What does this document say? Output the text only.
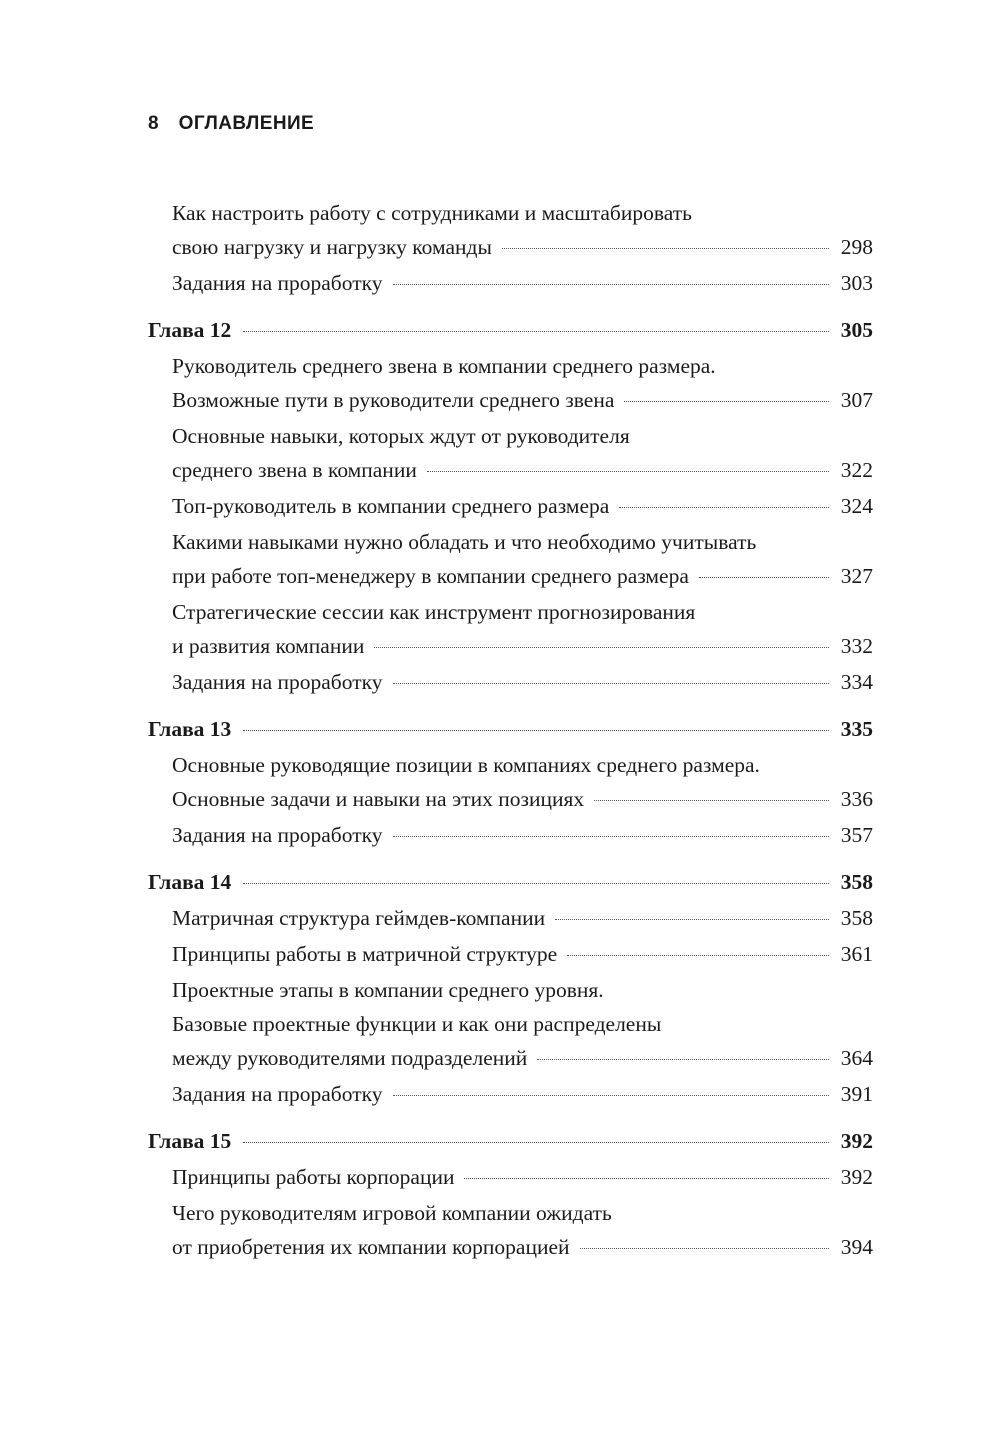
8 ОГЛАВЛЕНИЕ
Как настроить работу с сотрудниками и масштабировать
свою нагрузку и нагрузку команды	298
Задания на проработку	303
Глава 12	305
Руководитель среднего звена в компании среднего размера.
Возможные пути в руководители среднего звена	307
Основные навыки, которых ждут от руководителя
среднего звена в компании	322
Топ-руководитель в компании среднего размера	324
Какими навыками нужно обладать и что необходимо учитывать
при работе топ-менеджеру в компании среднего размера	327
Стратегические сессии как инструмент прогнозирования
и развития компании	332
Задания на проработку	334
Глава 13	335
Основные руководящие позиции в компаниях среднего размера.
Основные задачи и навыки на этих позициях	336
Задания на проработку	357
Глава 14	358
Матричная структура геймдев-компании	358
Принципы работы в матричной структуре	361
Проектные этапы в компании среднего уровня.
Базовые проектные функции и как они распределены
между руководителями подразделений	364
Задания на проработку	391
Глава 15	392
Принципы работы корпорации	392
Чего руководителям игровой компании ожидать
от приобретения их компании корпорацией	394
